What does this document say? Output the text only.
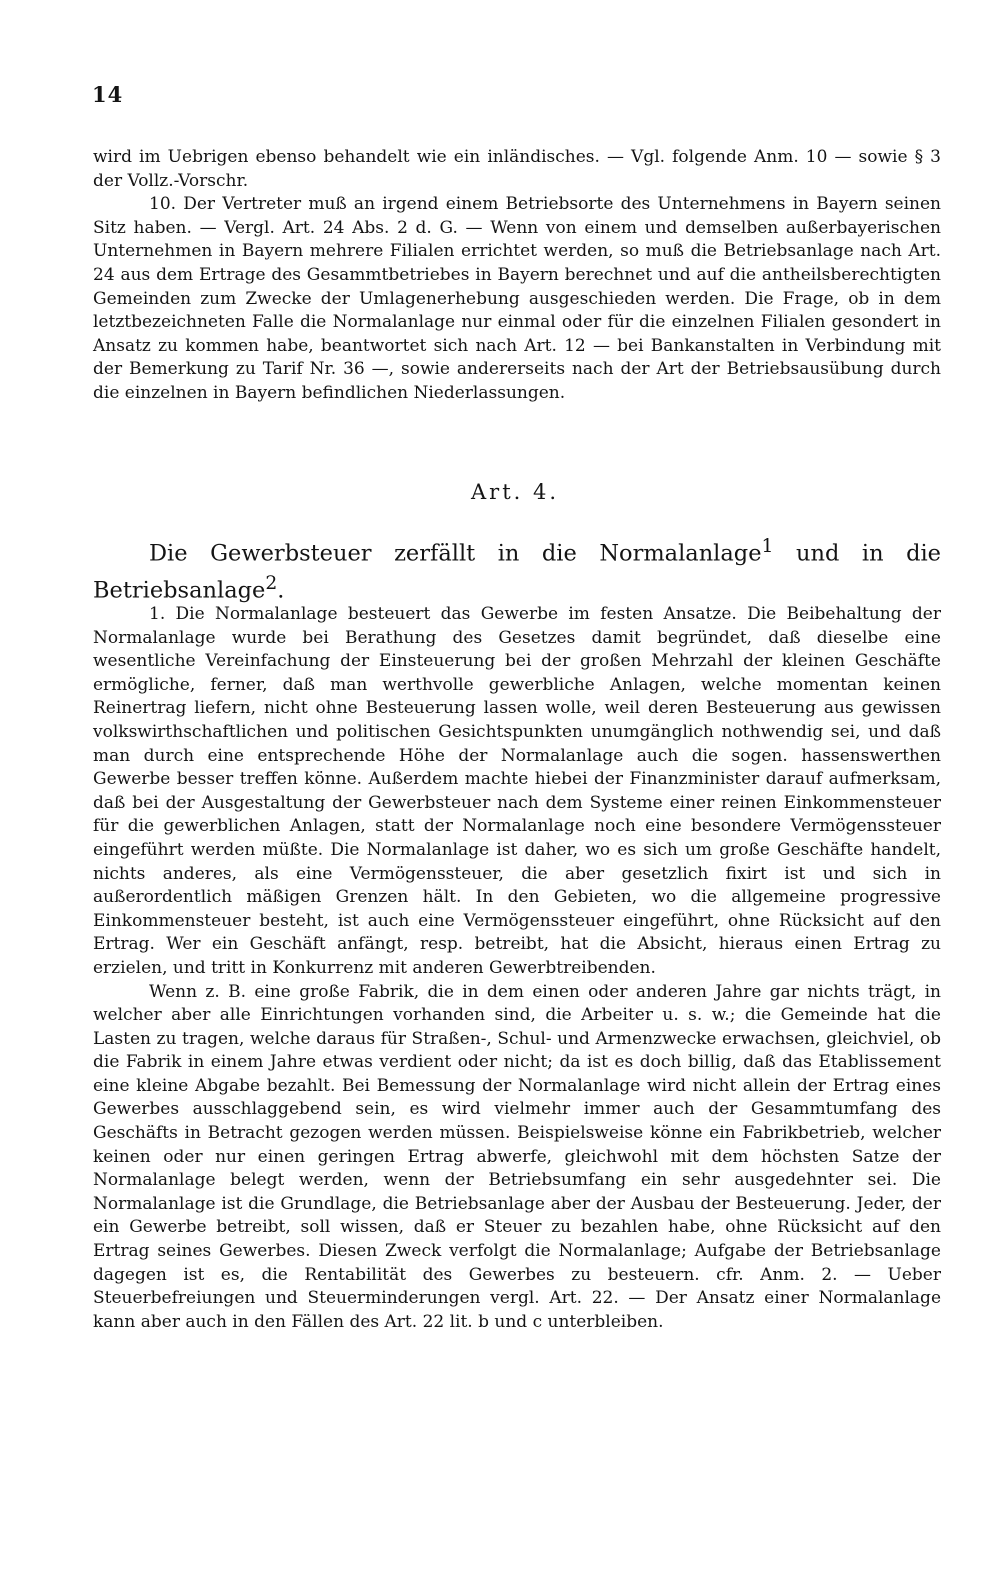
14

wird im Uebrigen ebenso behandelt wie ein inländisches. — Vgl. folgende Anm. 10 — sowie § 3 der Vollz.-Vorschr.

10. Der Vertreter muß an irgend einem Betriebsorte des Unternehmens in Bayern seinen Sitz haben. — Vergl. Art. 24 Abs. 2 d. G. — Wenn von einem und demselben außerbayerischen Unternehmen in Bayern mehrere Filialen errichtet werden, so muß die Betriebsanlage nach Art. 24 aus dem Ertrage des Gesammtbetriebes in Bayern berechnet und auf die antheilsberechtigten Gemeinden zum Zwecke der Umlagenerhebung ausgeschieden werden. Die Frage, ob in dem letztbezeichneten Falle die Normalanlage nur einmal oder für die einzelnen Filialen gesondert in Ansatz zu kommen habe, beantwortet sich nach Art. 12 — bei Bankanstalten in Verbindung mit der Bemerkung zu Tarif Nr. 36 —, sowie andererseits nach der Art der Betriebsausübung durch die einzelnen in Bayern befindlichen Niederlassungen.

Art. 4.
Die Gewerbsteuer zerfällt in die Normalanlage$^1$ und in die Betriebsanlage$^2$.

1. Die Normalanlage besteuert das Gewerbe im festen Ansatze. Die Beibehaltung der Normalanlage wurde bei Berathung des Gesetzes damit begründet, daß dieselbe eine wesentliche Vereinfachung der Einsteuerung bei der großen Mehrzahl der kleinen Geschäfte ermögliche, ferner, daß man werthvolle gewerbliche Anlagen, welche momentan keinen Reinertrag liefern, nicht ohne Besteuerung lassen wolle, weil deren Besteuerung aus gewissen volkswirthschaftlichen und politischen Gesichtspunkten unumgänglich nothwendig sei, und daß man durch eine entsprechende Höhe der Normalanlage auch die sogen. hassenswerthen Gewerbe besser treffen könne. Außerdem machte hiebei der Finanzminister darauf aufmerksam, daß bei der Ausgestaltung der Gewerbsteuer nach dem Systeme einer reinen Einkommensteuer für die gewerblichen Anlagen, statt der Normalanlage noch eine besondere Vermögenssteuer eingeführt werden müßte. Die Normalanlage ist daher, wo es sich um große Geschäfte handelt, nichts anderes, als eine Vermögenssteuer, die aber gesetzlich fixirt ist und sich in außerordentlich mäßigen Grenzen hält. In den Gebieten, wo die allgemeine progressive Einkommensteuer besteht, ist auch eine Vermögenssteuer eingeführt, ohne Rücksicht auf den Ertrag. Wer ein Geschäft anfängt, resp. betreibt, hat die Absicht, hieraus einen Ertrag zu erzielen, und tritt in Konkurrenz mit anderen Gewerbtreibenden.

Wenn z. B. eine große Fabrik, die in dem einen oder anderen Jahre gar nichts trägt, in welcher aber alle Einrichtungen vorhanden sind, die Arbeiter u. s. w.; die Gemeinde hat die Lasten zu tragen, welche daraus für Straßen-, Schul- und Armenzwecke erwachsen, gleichviel, ob die Fabrik in einem Jahre etwas verdient oder nicht; da ist es doch billig, daß das Etablissement eine kleine Abgabe bezahlt. Bei Bemessung der Normalanlage wird nicht allein der Ertrag eines Gewerbes ausschlaggebend sein, es wird vielmehr immer auch der Gesammtumfang des Geschäfts in Betracht gezogen werden müssen. Beispielsweise könne ein Fabrikbetrieb, welcher keinen oder nur einen geringen Ertrag abwerfe, gleichwohl mit dem höchsten Satze der Normalanlage belegt werden, wenn der Betriebsumfang ein sehr ausgedehnter sei. Die Normalanlage ist die Grundlage, die Betriebsanlage aber der Ausbau der Besteuerung. Jeder, der ein Gewerbe betreibt, soll wissen, daß er Steuer zu bezahlen habe, ohne Rücksicht auf den Ertrag seines Gewerbes. Diesen Zweck verfolgt die Normalanlage; Aufgabe der Betriebsanlage dagegen ist es, die Rentabilität des Gewerbes zu besteuern. cfr. Anm. 2. — Ueber Steuerbefreiungen und Steuerminderungen vergl. Art. 22. — Der Ansatz einer Normalanlage kann aber auch in den Fällen des Art. 22 lit. b und c unterbleiben.
